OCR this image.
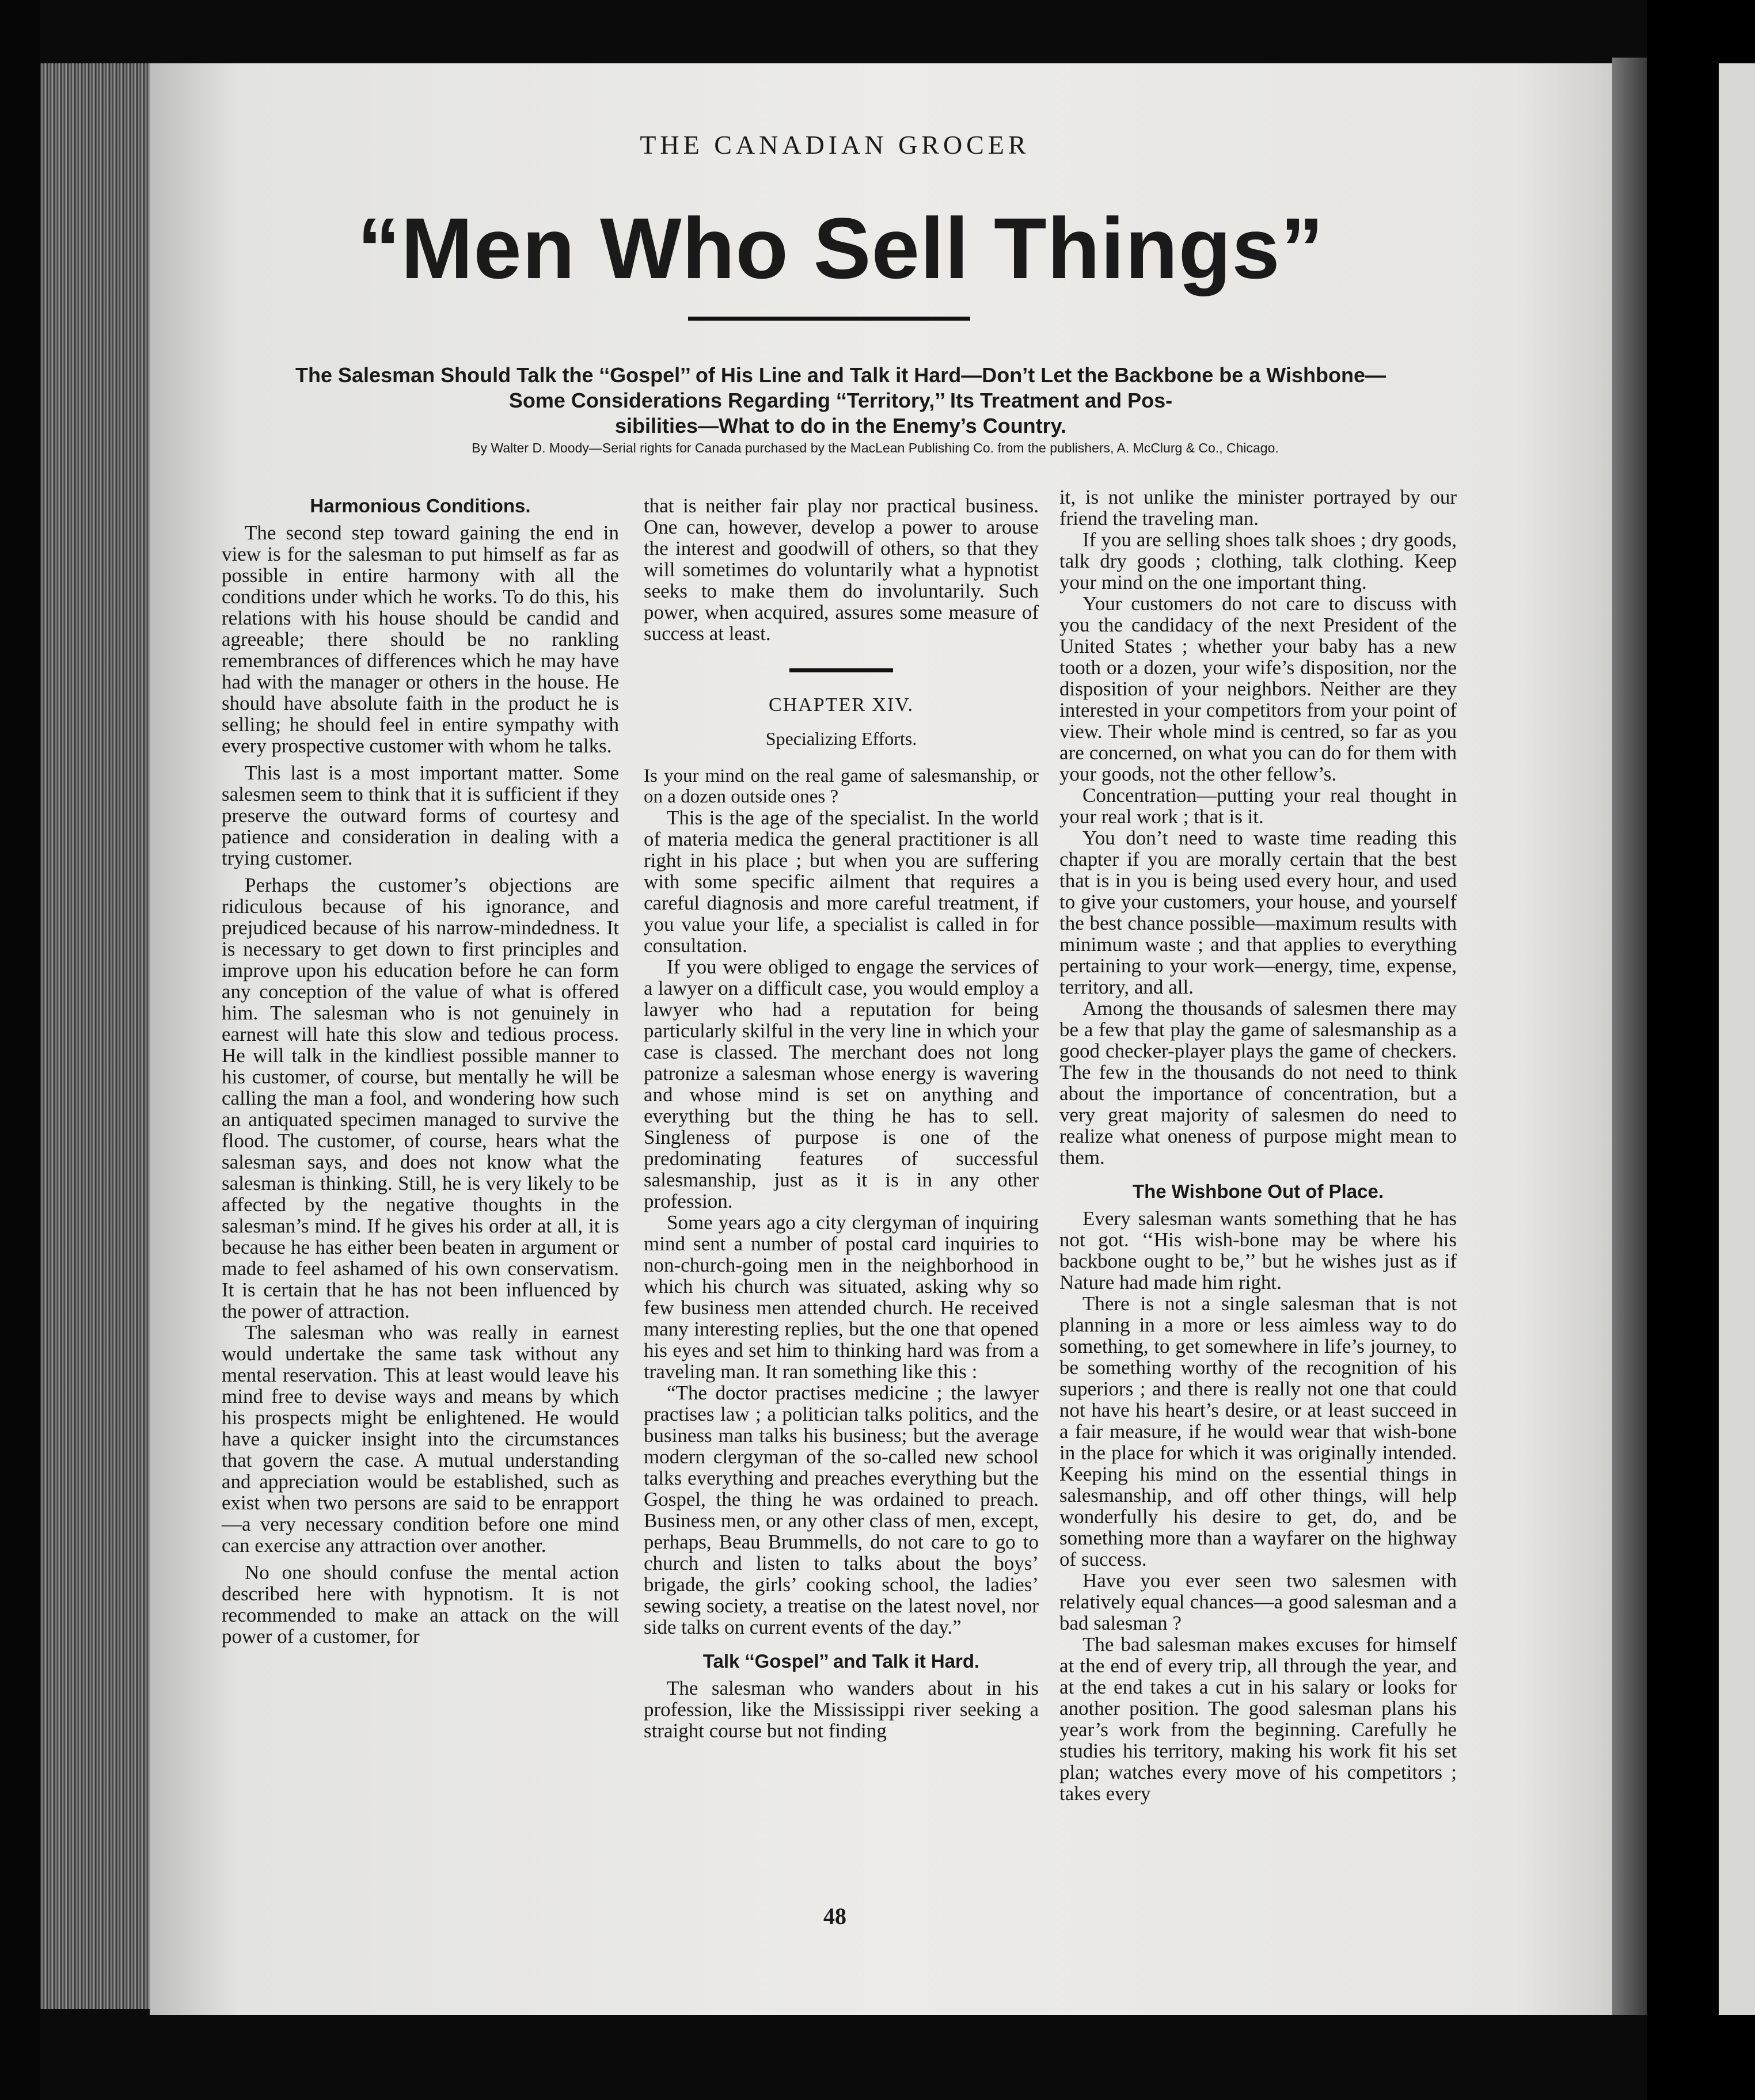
THE CANADIAN GROCER
“Men Who Sell Things”
The Salesman Should Talk the ‘‘Gospel’’ of His Line and Talk it Hard—Don’t Let the Backbone be a Wishbone—
Some Considerations Regarding ‘‘Territory,’’ Its Treatment and Pos-
sibilities—What to do in the Enemy’s Country.
By Walter D. Moody—Serial rights for Canada purchased by the MacLean Publishing Co. from the publishers, A. McClurg & Co., Chicago.
Harmonious Conditions.

The second step toward gaining the end in view is for the salesman to put himself as far as possible in entire harmony with all the conditions under which he works. To do this, his relations with his house should be candid and agreeable; there should be no rankling remembrances of differences which he may have had with the manager or others in the house. He should have absolute faith in the product he is selling; he should feel in entire sympathy with every prospective customer with whom he talks.

This last is a most important matter. Some salesmen seem to think that it is sufficient if they preserve the outward forms of courtesy and patience and consideration in dealing with a trying customer.

Perhaps the customer’s objections are ridiculous because of his ignorance, and prejudiced because of his narrow-mindedness. It is necessary to get down to first principles and improve upon his education before he can form any conception of the value of what is offered him. The salesman who is not genuinely in earnest will hate this slow and tedious process. He will talk in the kindliest possible manner to his customer, of course, but mentally he will be calling the man a fool, and wondering how such an antiquated specimen managed to survive the flood. The customer, of course, hears what the salesman says, and does not know what the salesman is thinking. Still, he is very likely to be affected by the negative thoughts in the salesman’s mind. If he gives his order at all, it is because he has either been beaten in argument or made to feel ashamed of his own conservatism. It is certain that he has not been influenced by the power of attraction.

The salesman who was really in earnest would undertake the same task without any mental reservation. This at least would leave his mind free to devise ways and means by which his prospects might be enlightened. He would have a quicker insight into the circumstances that govern the case. A mutual understanding and appreciation would be established, such as exist when two persons are said to be enrapport—a very necessary condition before one mind can exercise any attraction over another.

No one should confuse the mental action described here with hypnotism. It is not recommended to make an attack on the will power of a customer, for

that is neither fair play nor practical business. One can, however, develop a power to arouse the interest and goodwill of others, so that they will sometimes do voluntarily what a hypnotist seeks to make them do involuntarily. Such power, when acquired, assures some measure of success at least.

CHAPTER XIV.
Specializing Efforts.

Is your mind on the real game of salesmanship, or on a dozen outside ones ?

This is the age of the specialist. In the world of materia medica the general practitioner is all right in his place ; but when you are suffering with some specific ailment that requires a careful diagnosis and more careful treatment, if you value your life, a specialist is called in for consultation.

If you were obliged to engage the services of a lawyer on a difficult case, you would employ a lawyer who had a reputation for being particularly skilful in the very line in which your case is classed. The merchant does not long patronize a salesman whose energy is wavering and whose mind is set on anything and everything but the thing he has to sell. Singleness of purpose is one of the predominating features of successful salesmanship, just as it is in any other profession.

Some years ago a city clergyman of inquiring mind sent a number of postal card inquiries to non-church-going men in the neighborhood in which his church was situated, asking why so few business men attended church. He received many interesting replies, but the one that opened his eyes and set him to thinking hard was from a traveling man. It ran something like this :

“The doctor practises medicine ; the lawyer practises law ; a politician talks politics, and the business man talks his business; but the average modern clergyman of the so-called new school talks everything and preaches everything but the Gospel, the thing he was ordained to preach. Business men, or any other class of men, except, perhaps, Beau Brummells, do not care to go to church and listen to talks about the boys’ brigade, the girls’ cooking school, the ladies’ sewing society, a treatise on the latest novel, nor side talks on current events of the day.”

Talk ‘‘Gospel’’ and Talk it Hard.

The salesman who wanders about in his profession, like the Mississippi river seeking a straight course but not finding

it, is not unlike the minister portrayed by our friend the traveling man.

If you are selling shoes talk shoes ; dry goods, talk dry goods ; clothing, talk clothing. Keep your mind on the one important thing.

Your customers do not care to discuss with you the candidacy of the next President of the United States ; whether your baby has a new tooth or a dozen, your wife’s disposition, nor the disposition of your neighbors. Neither are they interested in your competitors from your point of view. Their whole mind is centred, so far as you are concerned, on what you can do for them with your goods, not the other fellow’s.

Concentration—putting your real thought in your real work ; that is it.

You don’t need to waste time reading this chapter if you are morally certain that the best that is in you is being used every hour, and used to give your customers, your house, and yourself the best chance possible—maximum results with minimum waste ; and that applies to everything pertaining to your work—energy, time, expense, territory, and all.

Among the thousands of salesmen there may be a few that play the game of salesmanship as a good checker-player plays the game of checkers. The few in the thousands do not need to think about the importance of concentration, but a very great majority of salesmen do need to realize what oneness of purpose might mean to them.

The Wishbone Out of Place.

Every salesman wants something that he has not got. ‘‘His wish-bone may be where his backbone ought to be,’’ but he wishes just as if Nature had made him right.

There is not a single salesman that is not planning in a more or less aimless way to do something, to get somewhere in life’s journey, to be something worthy of the recognition of his superiors ; and there is really not one that could not have his heart’s desire, or at least succeed in a fair measure, if he would wear that wish-bone in the place for which it was originally intended. Keeping his mind on the essential things in salesmanship, and off other things, will help wonderfully his desire to get, do, and be something more than a wayfarer on the highway of success.

Have you ever seen two salesmen with relatively equal chances—a good salesman and a bad salesman ?

The bad salesman makes excuses for himself at the end of every trip, all through the year, and at the end takes a cut in his salary or looks for another position. The good salesman plans his year’s work from the beginning. Carefully he studies his territory, making his work fit his set plan; watches every move of his competitors ; takes every

48
